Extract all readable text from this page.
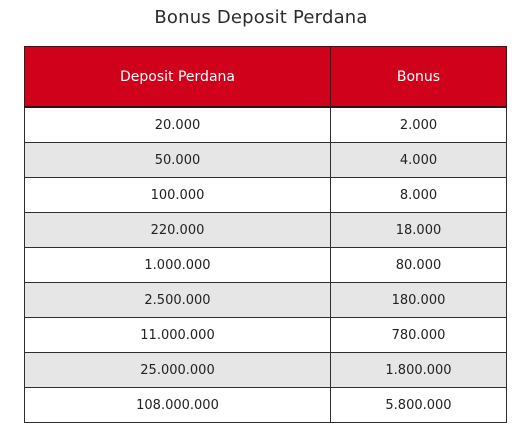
Bonus Deposit Perdana
Deposit Perdana	Bonus
20.000	2.000
50.000	4.000
100.000	8.000
220.000	18.000
1.000.000	80.000
2.500.000	180.000
11.000.000	780.000
25.000.000	1.800.000
108.000.000	5.800.000
